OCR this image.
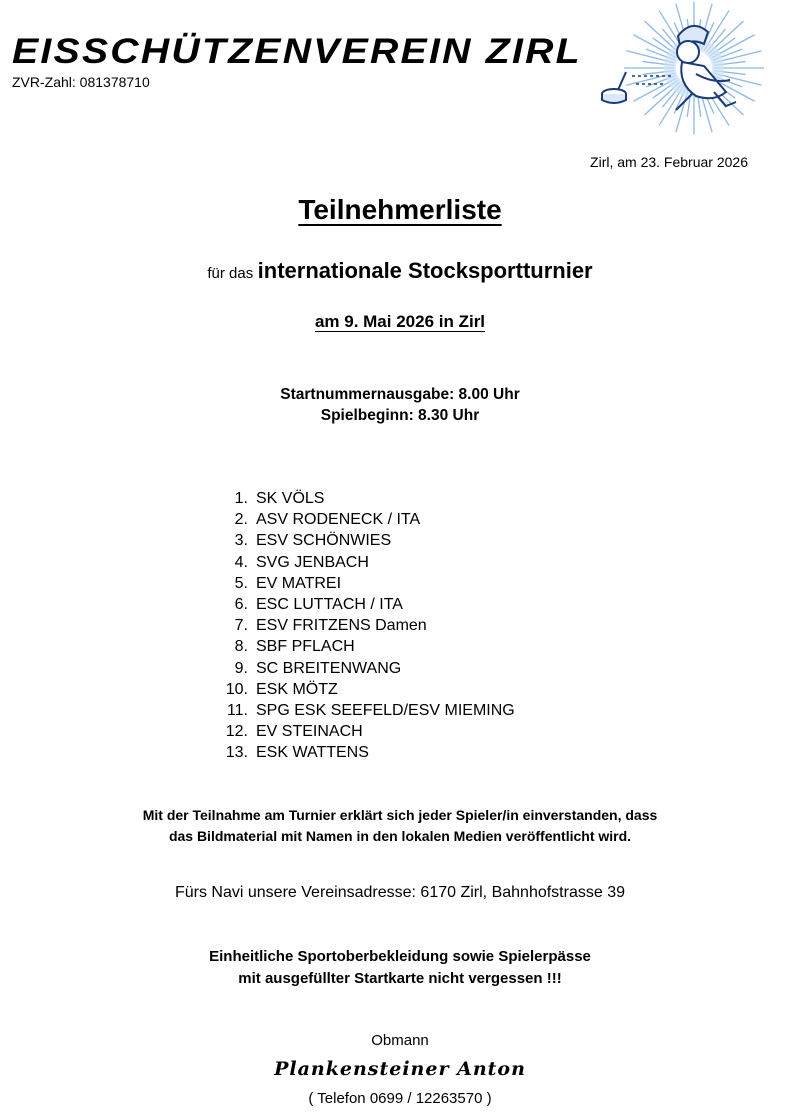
EISSCHÜTZENVEREIN ZIRL
ZVR-Zahl: 081378710
Zirl, am 23. Februar 2026
Teilnehmerliste
für das internationale Stocksportturnier
am 9. Mai 2026 in Zirl
Startnummernausgabe: 8.00 Uhr
Spielbeginn: 8.30 Uhr
1. SK VÖLS
2. ASV RODENECK / ITA
3. ESV SCHÖNWIES
4. SVG JENBACH
5. EV MATREI
6. ESC LUTTACH / ITA
7. ESV FRITZENS Damen
8. SBF PFLACH
9. SC BREITENWANG
10. ESK MÖTZ
11. SPG ESK SEEFELD/ESV MIEMING
12. EV STEINACH
13. ESK WATTENS
Mit der Teilnahme am Turnier erklärt sich jeder Spieler/in einverstanden, dass
das Bildmaterial mit Namen in den lokalen Medien veröffentlicht wird.
Fürs Navi unsere Vereinsadresse: 6170 Zirl, Bahnhofstrasse 39
Einheitliche Sportoberbekleidung sowie Spielerpässe
mit ausgefüllter Startkarte nicht vergessen !!!
Obmann
Plankensteiner Anton
( Telefon 0699 / 12263570 )
